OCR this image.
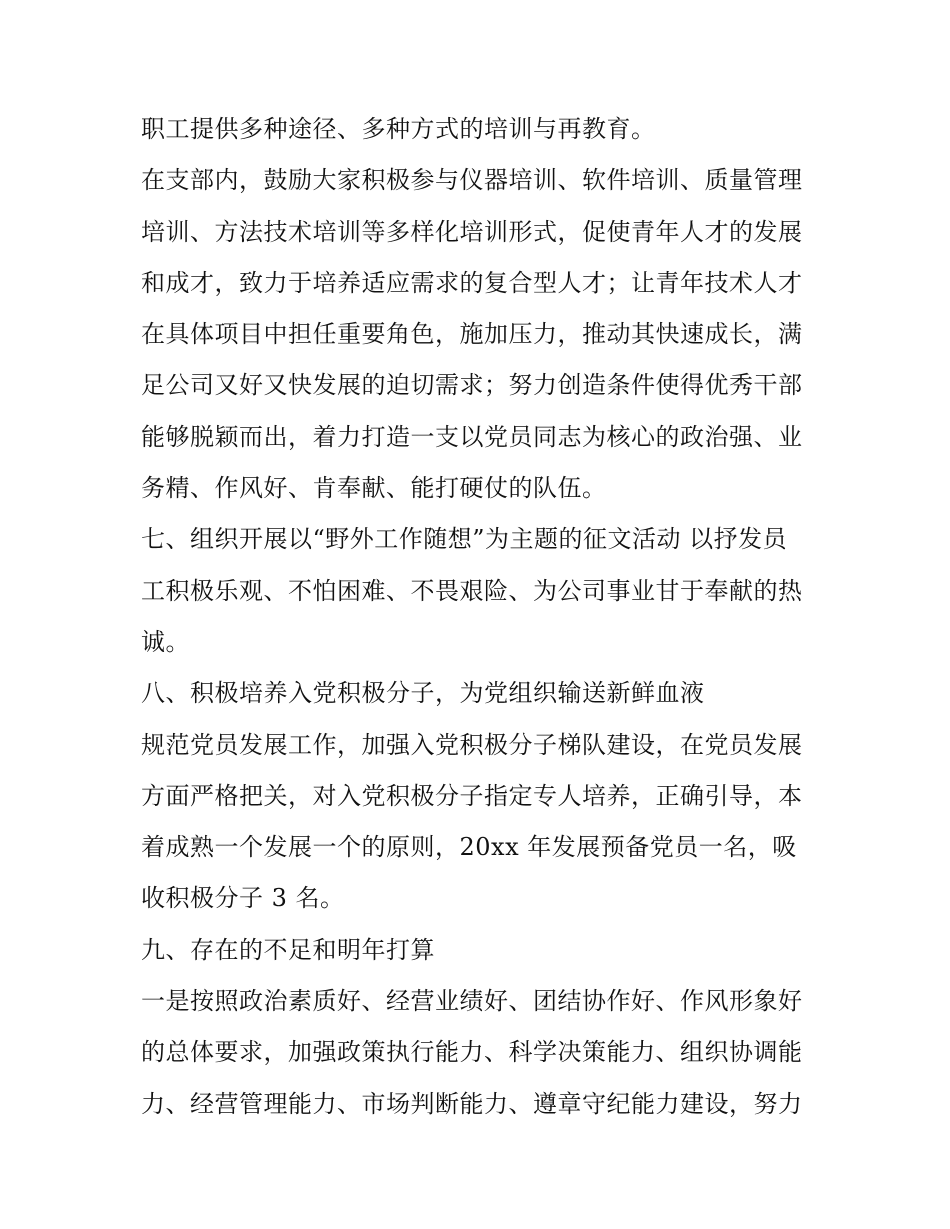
职工提供多种途径、多种方式的培训与再教育。
在支部内，鼓励大家积极参与仪器培训、软件培训、质量管理
培训、方法技术培训等多样化培训形式，促使青年人才的发展
和成才，致力于培养适应需求的复合型人才；让青年技术人才
在具体项目中担任重要角色，施加压力，推动其快速成长，满
足公司又好又快发展的迫切需求；努力创造条件使得优秀干部
能够脱颖而出，着力打造一支以党员同志为核心的政治强、业
务精、作风好、肯奉献、能打硬仗的队伍。
七、组织开展以“野外工作随想”为主题的征文活动 以抒发员
工积极乐观、不怕困难、不畏艰险、为公司事业甘于奉献的热
诚。
八、积极培养入党积极分子，为党组织输送新鲜血液
规范党员发展工作，加强入党积极分子梯队建设，在党员发展
方面严格把关，对入党积极分子指定专人培养，正确引导，本
着成熟一个发展一个的原则，20xx 年发展预备党员一名，吸
收积极分子 3 名。
九、存在的不足和明年打算
一是按照政治素质好、经营业绩好、团结协作好、作风形象好
的总体要求，加强政策执行能力、科学决策能力、组织协调能
力、经营管理能力、市场判断能力、遵章守纪能力建设，努力
